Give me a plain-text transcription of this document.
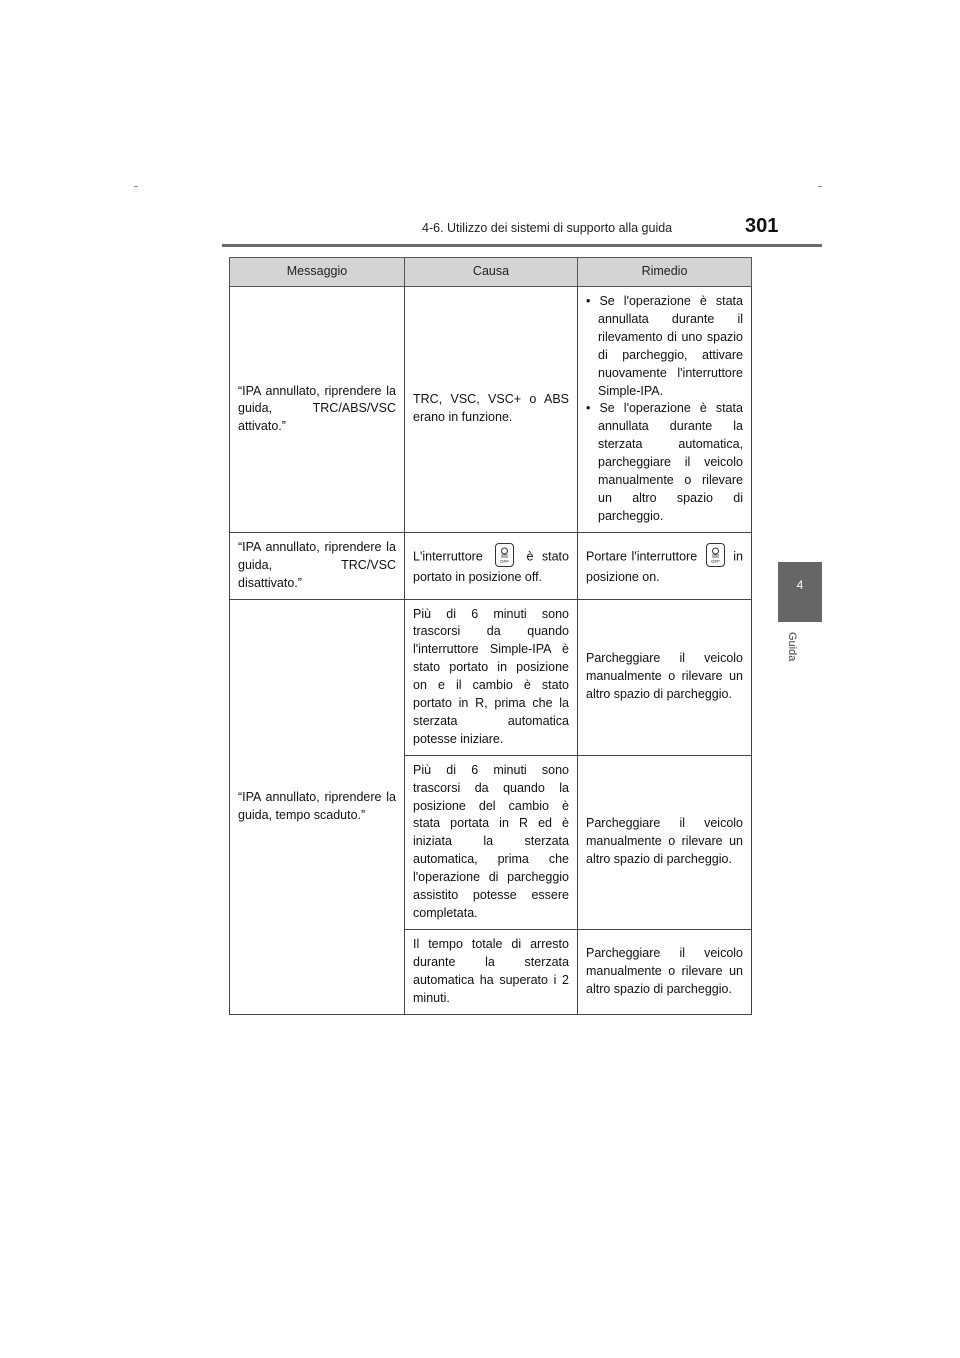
4-6. Utilizzo dei sistemi di supporto alla guida	301
4
Guida
Messaggio	Causa	Rimedio
“IPA annullato, riprendere la guida, TRC/ABS/VSC attivato.”	TRC, VSC, VSC+ o ABS erano in funzione.	• Se l'operazione è stata annullata durante il rilevamento di uno spazio di parcheggio, attivare nuovamente l'interruttore Simple-IPA.
• Se l'operazione è stata annullata durante la sterzata automatica, parcheggiare il veicolo manualmente o rilevare un altro spazio di parcheggio.

“IPA annullato, riprendere la guida, TRC/VSC disattivato.”	L'interruttore OFF è stato portato in posizione off.	Portare l'interruttore OFF in posizione on.
“IPA annullato, riprendere la guida, tempo scaduto.”	Più di 6 minuti sono trascorsi da quando l'interruttore Simple-IPA è stato portato in posizione on e il cambio è stato portato in R, prima che la sterzata automatica potesse iniziare.	Parcheggiare il veicolo manualmente o rilevare un altro spazio di parcheggio.
	Più di 6 minuti sono trascorsi da quando la posizione del cambio è stata portata in R ed è iniziata la sterzata automatica, prima che l'operazione di parcheggio assistito potesse essere completata.	Parcheggiare il veicolo manualmente o rilevare un altro spazio di parcheggio.
	Il tempo totale di arresto durante la sterzata automatica ha superato i 2 minuti.	Parcheggiare il veicolo manualmente o rilevare un altro spazio di parcheggio.
